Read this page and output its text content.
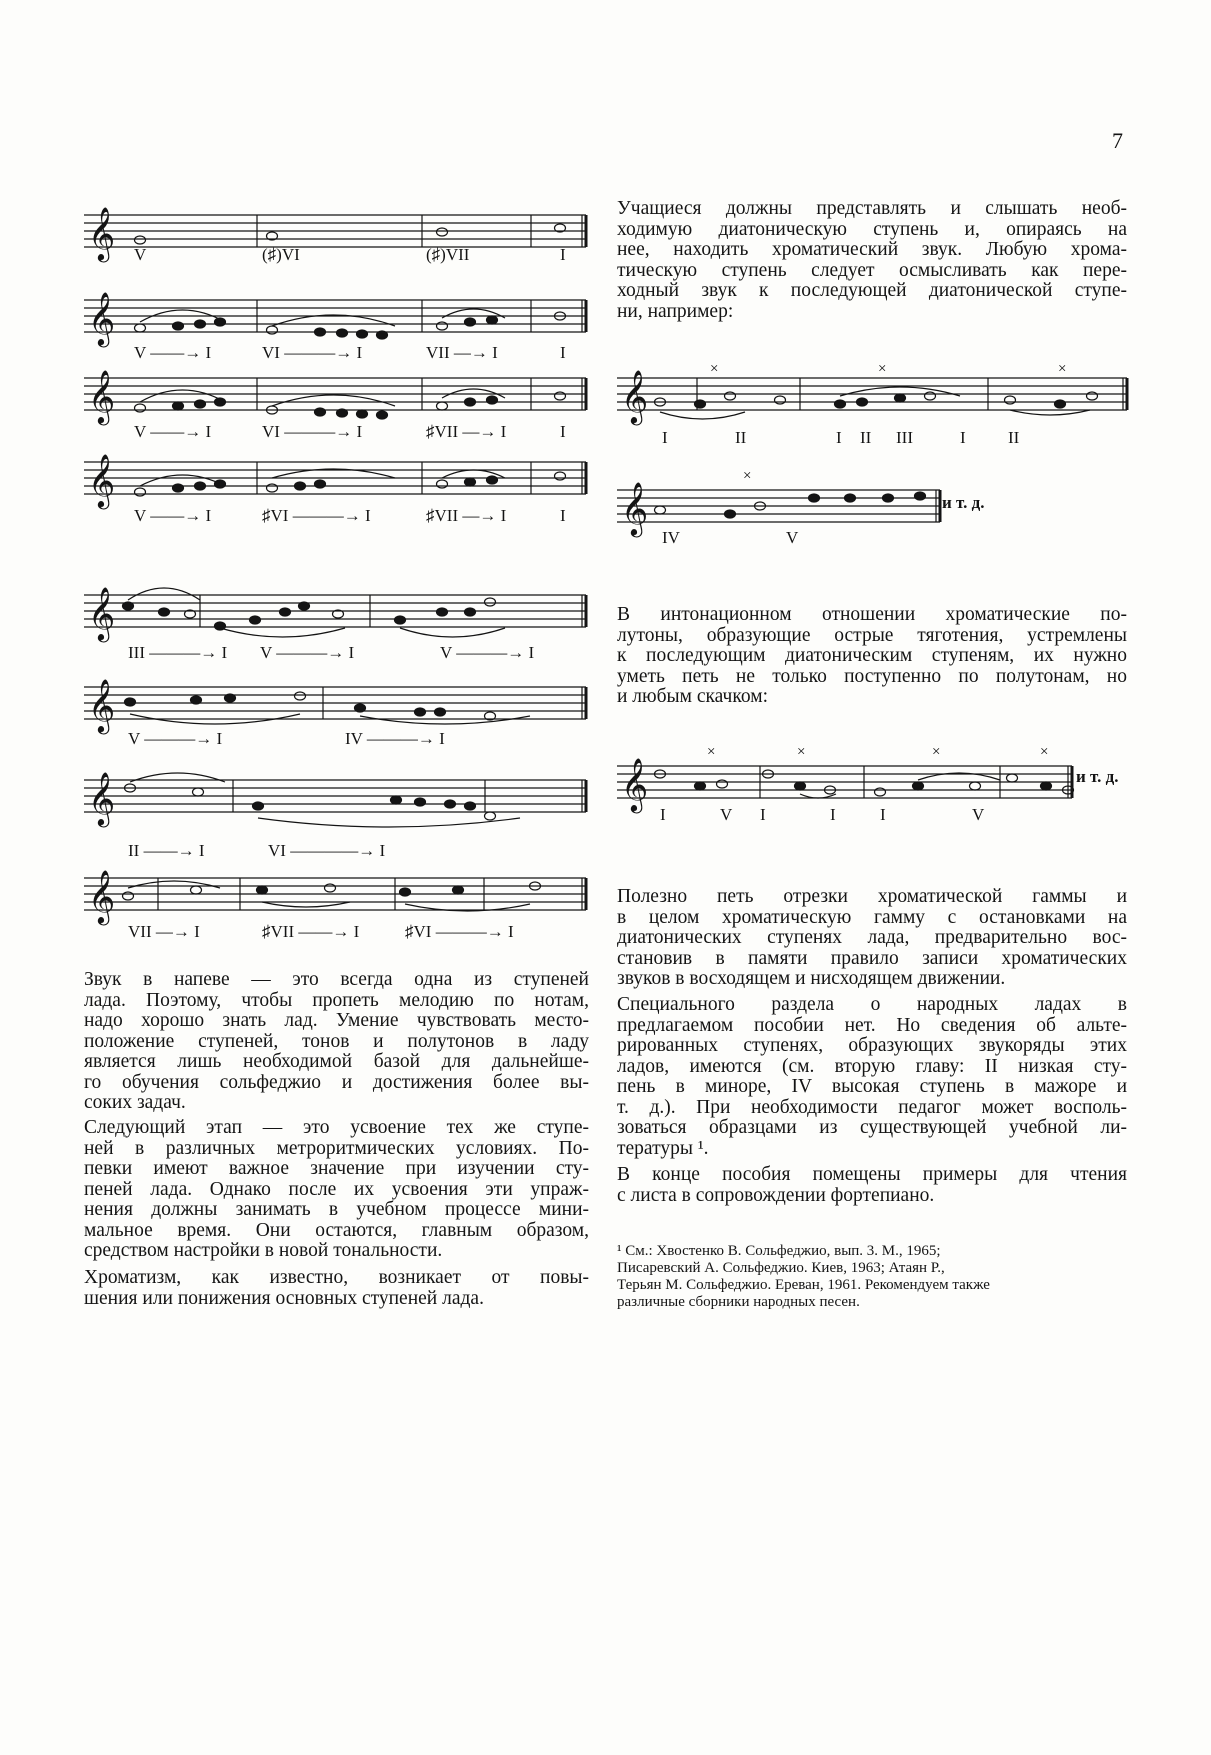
7
𝄞
𝄞
𝄞
𝄞
V	(♯)VI	(♯)VII	I
V ——→ I	VI ———→ I	VII —→ I	I
V ——→ I	VI ———→ I	♯VII —→ I	I
V ——→ I	♯VI ———→ I	♯VII —→ I	I
𝄞
III ———→ I V ———→ I	V ———→ I
𝄞
V ———→ I	IV ———→ I
𝄞
II ——→ I	VI ————→ I
𝄞
VII —→ I	♯VII ——→ I	♯VI ———→ I
𝄞
I	II	I II III	I II
𝄞
IV	V
и т. д.
𝄞
I	V I	I	I	V
и т. д.
×	×	×
×
×	×	×
×
Учащиеся должны представлять и слышать необ-
ходимую диатоническую ступень и, опираясь на
нее, находить хроматический звук. Любую хрома-
тическую ступень следует осмысливать как пере-
ходный звук к последующей диатонической ступе-
ни, например:
В интонационном отношении хроматические по-
лутоны, образующие острые тяготения, устремлены
к последующим диатоническим ступеням, их нужно
уметь петь не только поступенно по полутонам, но
и любым скачком:
Полезно петь отрезки хроматической гаммы и
в целом хроматическую гамму с остановками на
диатонических ступенях лада, предварительно вос-
становив в памяти правило записи хроматических
звуков в восходящем и нисходящем движении.
Специального раздела о народных ладах в
предлагаемом пособии нет. Но сведения об альте-
рированных ступенях, образующих звукоряды этих
ладов, имеются (см. вторую главу: II низкая сту-
пень в миноре, IV высокая ступень в мажоре и
т. д.). При необходимости педагог может восполь-
зоваться образцами из существующей учебной ли-
тературы ¹.
В конце пособия помещены примеры для чтения
с листа в сопровождении фортепиано.
¹ См.: Хвостенко В. Сольфеджио, вып. 3. М., 1965;
Писаревский А. Сольфеджио. Киев, 1963; Атаян Р.,
Терьян М. Сольфеджио. Ереван, 1961. Рекомендуем также
различные сборники народных песен.
Звук в напеве — это всегда одна из ступеней
лада. Поэтому, чтобы пропеть мелодию по нотам,
надо хорошо знать лад. Умение чувствовать место-
положение ступеней, тонов и полутонов в ладу
является лишь необходимой базой для дальнейше-
го обучения сольфеджио и достижения более вы-
соких задач.
Следующий этап — это усвоение тех же ступе-
ней в различных метроритмических условиях. По-
певки имеют важное значение при изучении сту-
пеней лада. Однако после их усвоения эти упраж-
нения должны занимать в учебном процессе мини-
мальное время. Они остаются, главным образом,
средством настройки в новой тональности.
Хроматизм, как известно, возникает от повы-
шения или понижения основных ступеней лада.
